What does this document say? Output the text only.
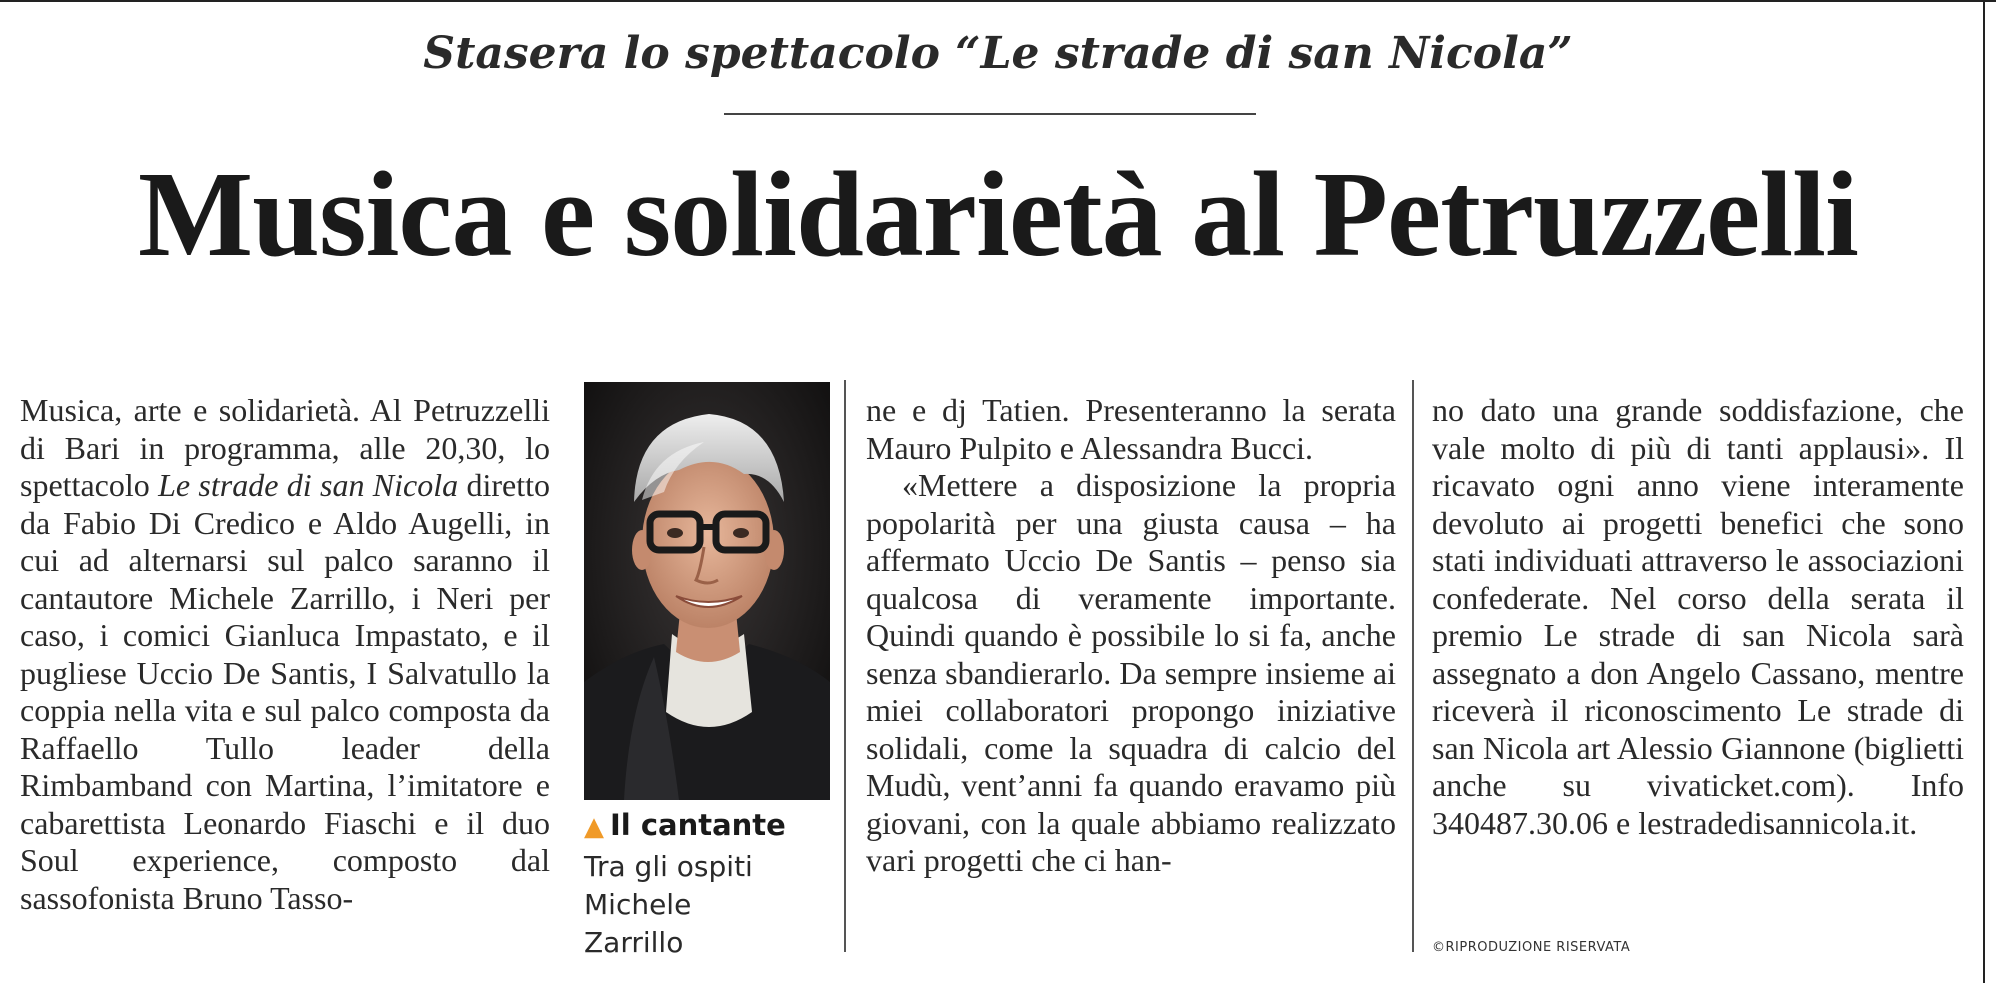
Stasera lo spettacolo “Le strade di san Nicola”
Musica e solidarietà al Petruzzelli

Musica, arte e solidarietà. Al Petruzzelli di Bari in programma, alle 20,30, lo spettacolo Le strade di san Nicola diretto da Fabio Di Credico e Aldo Augelli, in cui ad alternarsi sul palco saranno il cantautore Michele Zarrillo, i Neri per caso, i comici Gianluca Impastato, e il pugliese Uccio De Santis, I Salvatullo la coppia nella vita e sul palco composta da Raffaello Tullo leader della Rimbamband con Martina, l’imitatore e cabarettista Leonardo Fiaschi e il duo Soul experience, composto dal sassofonista Bruno Tasso-

▲ Il cantante
Tra gli ospiti
Michele
Zarrillo

ne e dj Tatien. Presenteranno la serata Mauro Pulpito e Alessandra Bucci.

«Mettere a disposizione la propria popolarità per una giusta causa – ha affermato Uccio De Santis – penso sia qualcosa di veramente importante. Quindi quando è possibile lo si fa, anche senza sbandierarlo. Da sempre insieme ai miei collaboratori propongo iniziative solidali, come la squadra di calcio del Mudù, vent’anni fa quando eravamo più giovani, con la quale abbiamo realizzato vari progetti che ci han-

no dato una grande soddisfazione, che vale molto di più di tanti applausi». Il ricavato ogni anno viene interamente devoluto ai progetti benefici che sono stati individuati attraverso le associazioni confederate. Nel corso della serata il premio Le strade di san Nicola sarà assegnato a don Angelo Cassano, mentre riceverà il riconoscimento Le strade di san Nicola art Alessio Giannone (biglietti anche su vivaticket.com). Info 340487.30.06 e lestradedisannicola.it.

©RIPRODUZIONE RISERVATA
